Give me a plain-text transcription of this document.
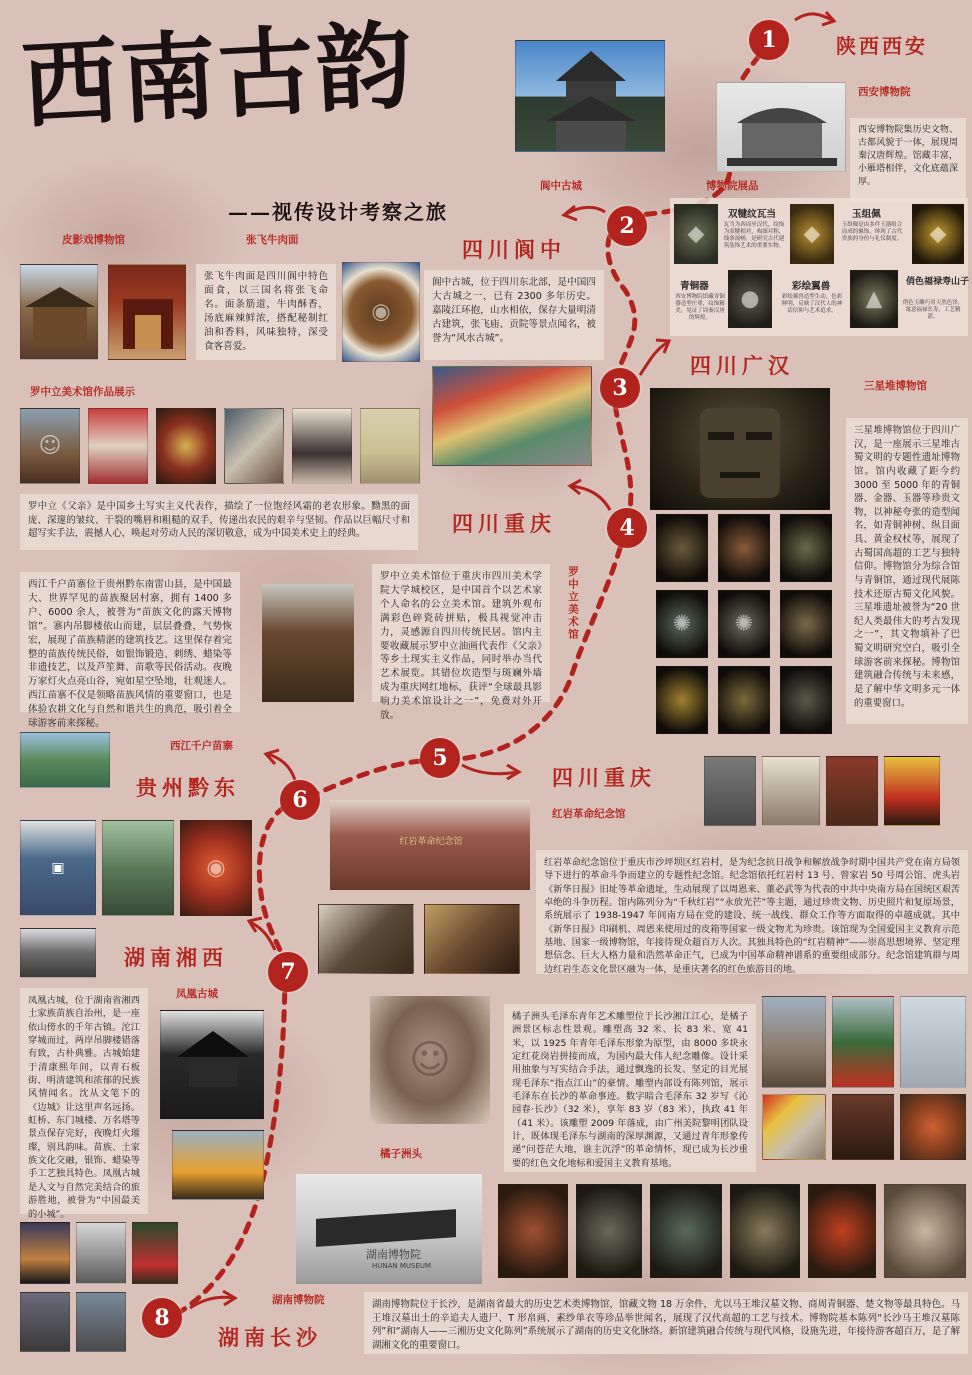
西南古韵
——视传设计考察之旅
1
2
3
4
5
6
7
8
陕西西安
四川阆中
四川广汉
四川重庆
四川重庆
贵州黔东
湖南湘西
湖南长沙
西安博物院
西安博物院集历史文物、古都风貌于一体，展现周秦汉唐辉煌。馆藏丰富，小雁塔相伴，文化底蕴深厚。
阆中古城	博物院展品
◆
双犍纹瓦当
瓦当为西周至汉代，纹饰为双犍相对，构图对称，线条流畅，是研究古代建筑装饰艺术的重要实物。 ◆
玉组佩
玉组佩是由多件玉器组合而成的佩饰，体现了古代贵族的身份与礼仪制度。 ◆
青铜器
西安博物院馆藏青铜器造型庄重，纹饰精美，见证了周秦汉唐的辉煌。
●	彩绘翼兽
彩绘翼兽造型生动，色彩鲜明，反映了汉代人的神话信仰与艺术追求。	▲
俏色福禄寿山子
俏色玉雕巧用天然色泽，寓意福禄长寿，工艺精湛。
皮影戏博物馆	张飞牛肉面
张飞牛肉面是四川阆中特色面食，以三国名将张飞命名。面条筋道，牛肉酥香，汤底麻辣鲜浓，搭配秘制红油和香料，风味独特，深受食客喜爱。
◉
阆中古城，位于四川东北部，是中国四大古城之一，已有 2300 多年历史。嘉陵江环抱，山水相依，保存大量明清古建筑，张飞庙、贡院等景点闻名，被誉为“风水古城”。
罗中立美术馆作品展示
☺
罗中立《父亲》是中国乡土写实主义代表作，描绘了一位饱经风霜的老农形象。黝黑的面庞、深邃的皱纹、干裂的嘴唇和粗糙的双手，传递出农民的艰辛与坚韧。作品以巨幅尺寸和超写实手法，震撼人心，唤起对劳动人民的深切敬意，成为中国美术史上的经典。
三星堆博物馆
三星堆博物馆位于四川广汉，是一座展示三星堆古蜀文明的专题性遗址博物馆。馆内收藏了距今约 3000 至 5000 年的青铜器、金器、玉器等珍贵文物，以神秘夸张的造型闻名，如青铜神树、纵目面具、黄金权杖等，展现了古蜀国高超的工艺与独特信仰。博物馆分为综合馆与青铜馆，通过现代展陈技术还原古蜀文化风貌。三星堆遗址被誉为“20 世纪人类最伟大的考古发现之一”，其文物填补了巴蜀文明研究空白，吸引全球游客前来探秘。博物馆建筑融合传统与未来感，是了解中华文明多元一体的重要窗口。
✺ ✺
西江千户苗寨位于贵州黔东南雷山县，是中国最大、世界罕见的苗族聚居村寨，拥有 1400 多户、6000 余人，被誉为“苗族文化的露天博物馆”。寨内吊脚楼依山而建，层层叠叠，气势恢宏，展现了苗族精湛的建筑技艺。这里保存着完整的苗族传统民俗，如银饰锻造、刺绣、蜡染等非遗技艺，以及芦笙舞、苗歌等民俗活动。夜晚万家灯火点亮山谷，宛如星空坠地，壮观迷人。西江苗寨不仅是领略苗族风情的重要窗口，也是体验农耕文化与自然和谐共生的典范，吸引着全球游客前来探秘。
罗中立美术馆位于重庆市四川美术学院大学城校区，是中国首个以艺术家个人命名的公立美术馆。建筑外观布满彩色碎瓷砖拼贴，极具视觉冲击力，灵感源自四川传统民居。馆内主要收藏展示罗中立油画代表作《父亲》等乡土现实主义作品，同时举办当代艺术展览。其错位坎造型与斑斓外墙成为重庆网红地标，获评“全球最具影响力美术馆设计之一”，免费对外开放。
罗中立美术馆
西江千户苗寨
▣	◉
红岩革命纪念馆
红岩革命纪念馆
红岩革命纪念馆位于重庆市沙坪坝区红岩村，是为纪念抗日战争和解放战争时期中国共产党在南方局领导下进行的革命斗争而建立的专题性纪念馆。纪念馆依托红岩村 13 号、曾家岩 50 号周公馆、虎头岩《新华日报》旧址等革命遗址，生动展现了以周恩来、董必武等为代表的中共中央南方局在国统区艰苦卓绝的斗争历程。馆内陈列分为“千秋红岩”“永放光芒”等主题，通过珍贵文物、历史照片和复原场景，系统展示了 1938-1947 年间南方局在党的建设、统一战线、群众工作等方面取得的卓越成就。其中《新华日报》印刷机、周恩来使用过的皮箱等国家一级文物尤为珍贵。该馆现为全国爱国主义教育示范基地、国家一级博物馆，年接待现众超百万人次。其独具特色的“红岩精神”——崇高思想境界、坚定理想信念、巨大人格力量和浩然革命正气，已成为中国革命精神谱系的重要组成部分。纪念馆建筑群与周边红岩生态文化景区融为一体，是重庆著名的红色旅游目的地。
凤凰古城
凤凰古城，位于湖南省湘西土家族苗族自治州，是一座依山傍水的千年古镇。沱江穿城而过，两岸吊脚楼错落有致，古朴典雅。古城始建于清康熙年间，以青石板街、明清建筑和浓郁的民族风情闻名。沈从文笔下的《边城》让这里声名远扬。虹桥、东门城楼、万名塔等景点保存完好，夜晚灯火璀璨，别具韵味。苗族、土家族文化交融，银饰、蜡染等手工艺独具特色。凤凰古城是人文与自然完美结合的旅游胜地，被誉为“中国最美的小城”。
☺
橘子洲头
橘子洲头毛泽东青年艺术雕塑位于长沙湘江江心，是橘子洲景区标志性景观。雕塑高 32 米、长 83 米、宽 41 米，以 1925 年青年毛泽东形象为原型，由 8000 多块永定红花岗岩拼接而成，为国内最大伟人纪念雕像。设计采用抽象与写实结合手法，通过飘逸的长发、坚定的目光展现毛泽东“指点江山”的豪情。雕塑内部设有陈列馆，展示毛泽东在长沙的革命事迹。数字暗合毛泽东 32 岁写《沁园春·长沙》（32 米），享年 83 岁（83 米），执政 41 年（41 米）。该雕塑 2009 年落成，由广州美院黎明团队设计，既体现毛泽东与湖南的深厚渊源，又通过青年形象传递“问苍茫大地，谁主沉浮”的革命情怀，现已成为长沙重要的红色文化地标和爱国主义教育基地。
湖南博物院
HUNAN MUSEUM
湖南博物院	湖南博物院位于长沙，是湖南省最大的历史艺术类博物馆，馆藏文物 18 万余件，尤以马王堆汉墓文物、商周青铜器、楚文物等最具特色。马王堆汉墓出土的辛追夫人遗尸、T 形帛画、素纱单衣等珍品举世闻名，展现了汉代高超的工艺与技术。博物院基本陈列“长沙马王堆汉墓陈列”和“湖南人——三湘历史文化陈列”系统展示了湖南的历史文化脉络。新馆建筑融合传统与现代风格，设施先进，年接待游客超百万，是了解湖湘文化的重要窗口。
